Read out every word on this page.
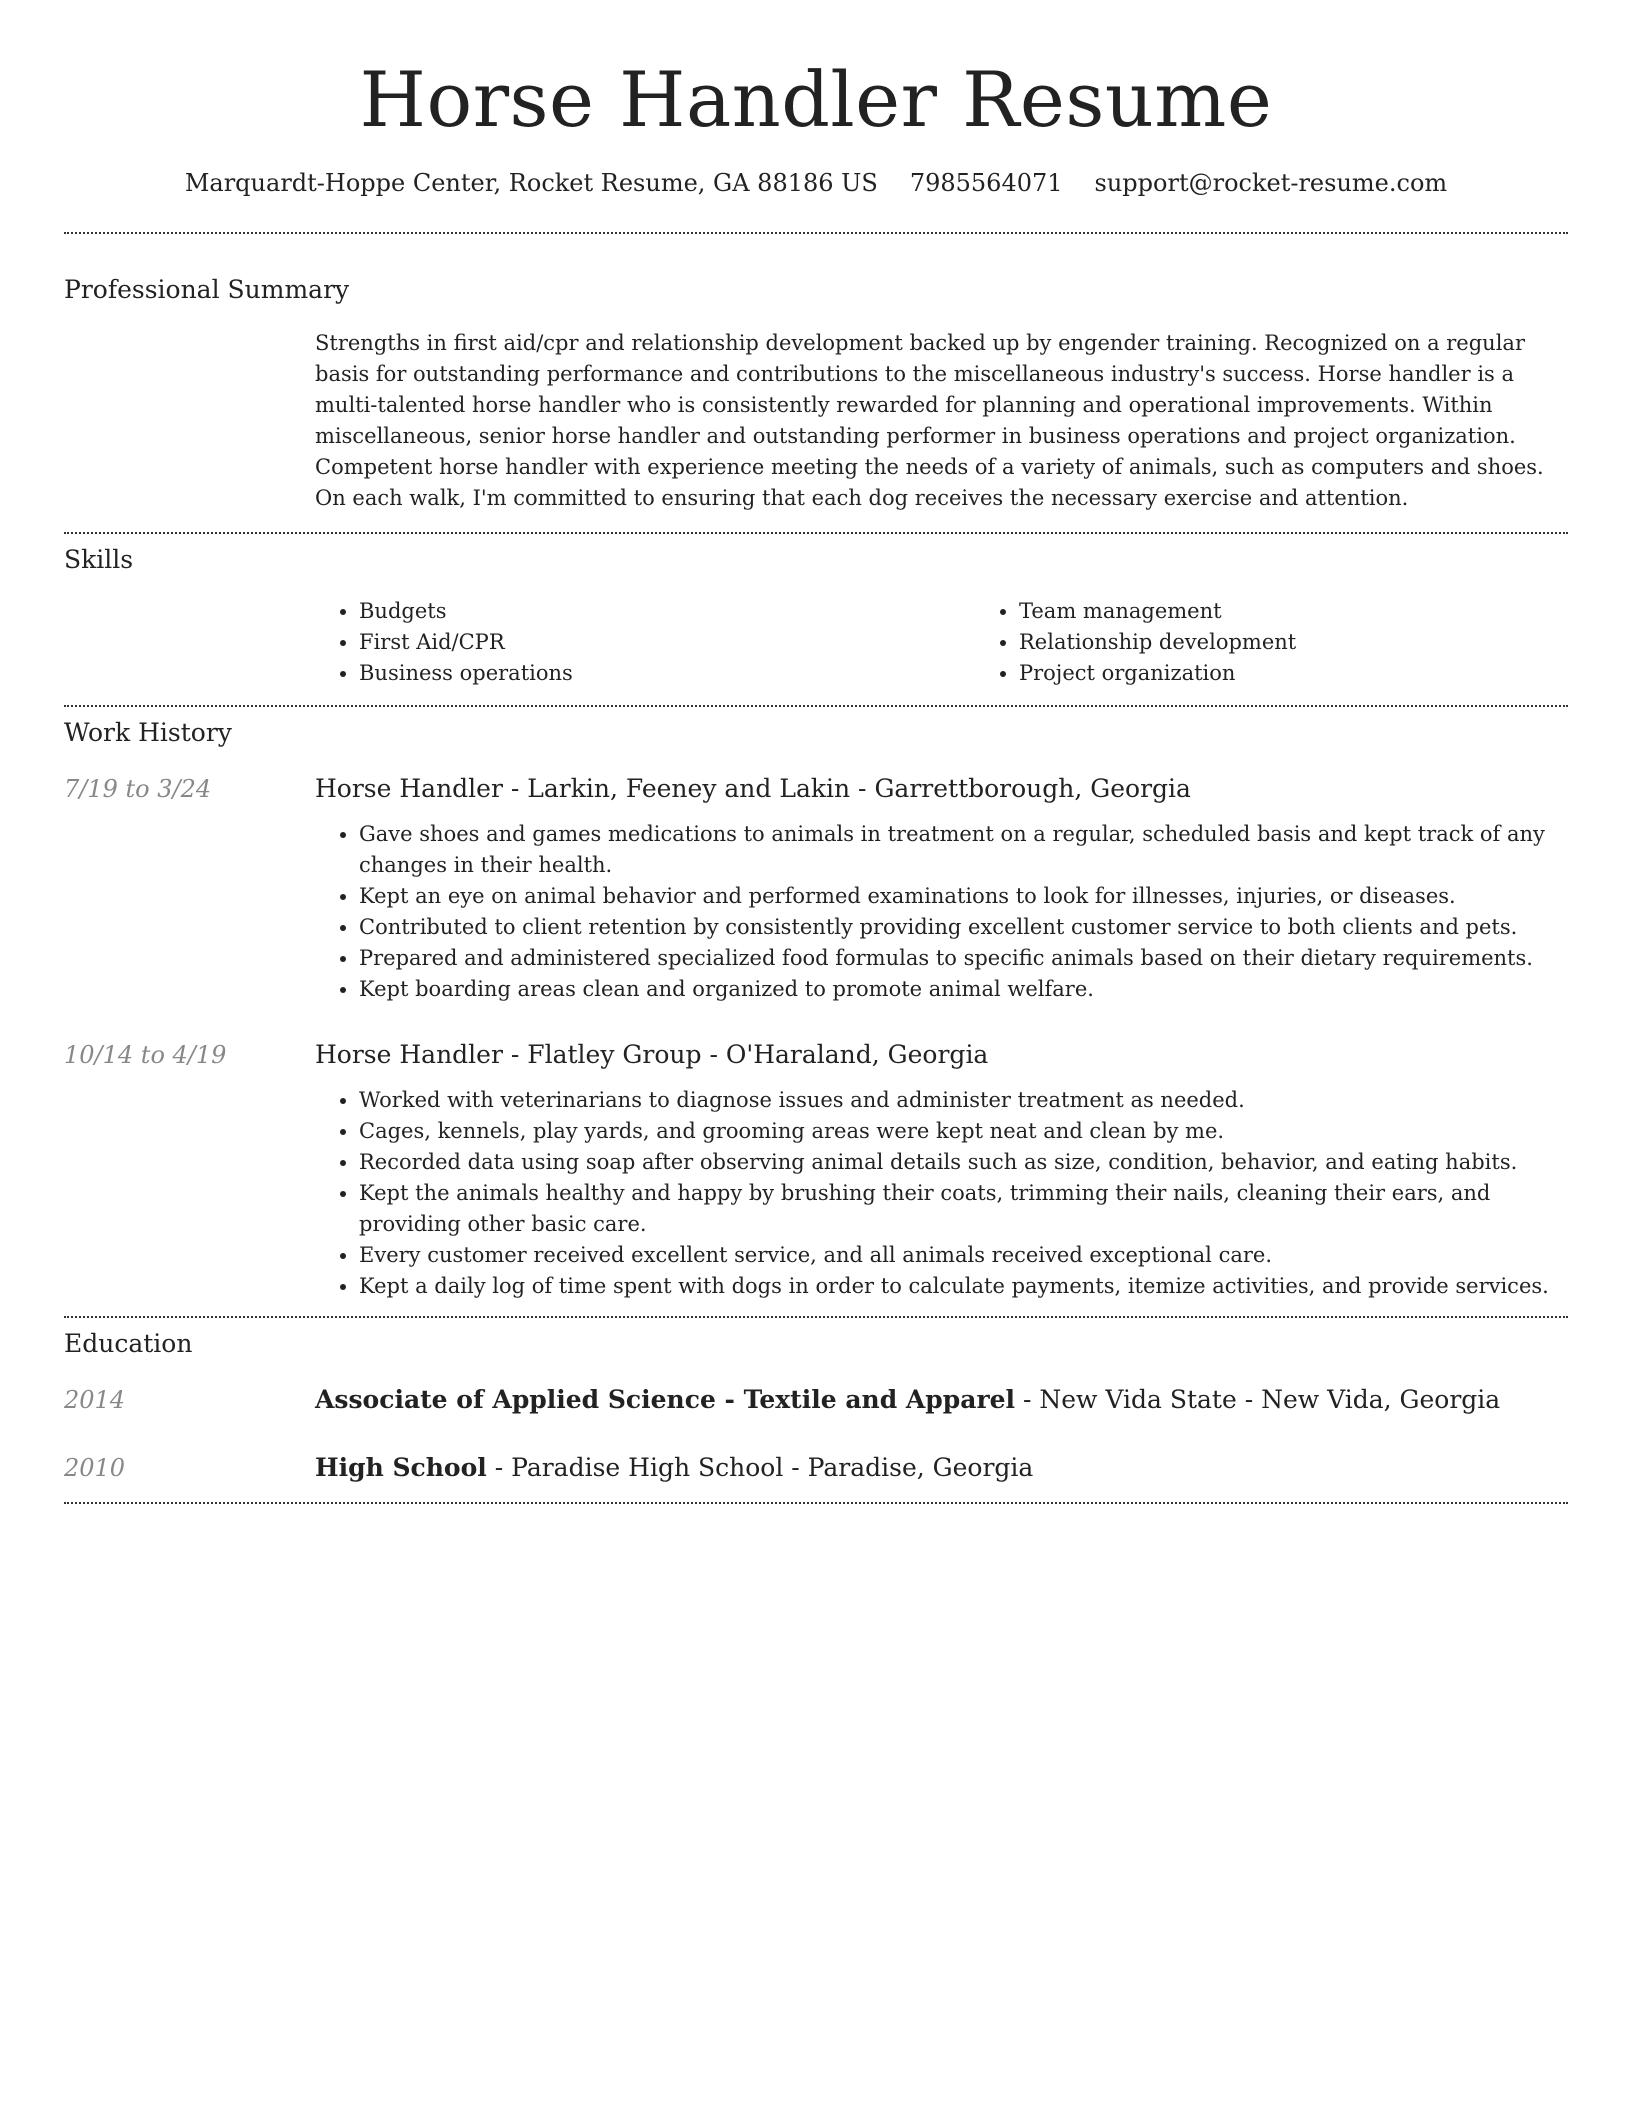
Horse Handler Resume
Marquardt-Hoppe Center, Rocket Resume, GA 88186 US 7985564071 support@rocket-resume.com
Professional Summary

Strengths in first aid/cpr and relationship development backed up by engender training. Recognized on a regular basis for outstanding performance and contributions to the miscellaneous industry's success. Horse handler is a multi-talented horse handler who is consistently rewarded for planning and operational improvements. Within miscellaneous, senior horse handler and outstanding performer in business operations and project organization. Competent horse handler with experience meeting the needs of a variety of animals, such as computers and shoes. On each walk, I'm committed to ensuring that each dog receives the necessary exercise and attention.

Skills
• Budgets
• First Aid/CPR
• Business operations
• Team management
• Relationship development
• Project organization
Work History
7/19 to 3/24	Horse Handler - Larkin, Feeney and Lakin - Garrettborough, Georgia
• Gave shoes and games medications to animals in treatment on a regular, scheduled basis and kept track of any changes in their health.
• Kept an eye on animal behavior and performed examinations to look for illnesses, injuries, or diseases.
• Contributed to client retention by consistently providing excellent customer service to both clients and pets.
• Prepared and administered specialized food formulas to specific animals based on their dietary requirements.
• Kept boarding areas clean and organized to promote animal welfare.
10/14 to 4/19	Horse Handler - Flatley Group - O'Haraland, Georgia
• Worked with veterinarians to diagnose issues and administer treatment as needed.
• Cages, kennels, play yards, and grooming areas were kept neat and clean by me.
• Recorded data using soap after observing animal details such as size, condition, behavior, and eating habits.
• Kept the animals healthy and happy by brushing their coats, trimming their nails, cleaning their ears, and providing other basic care.
• Every customer received excellent service, and all animals received exceptional care.
• Kept a daily log of time spent with dogs in order to calculate payments, itemize activities, and provide services.
Education
2014	Associate of Applied Science - Textile and Apparel - New Vida State - New Vida, Georgia
2010	High School - Paradise High School - Paradise, Georgia
